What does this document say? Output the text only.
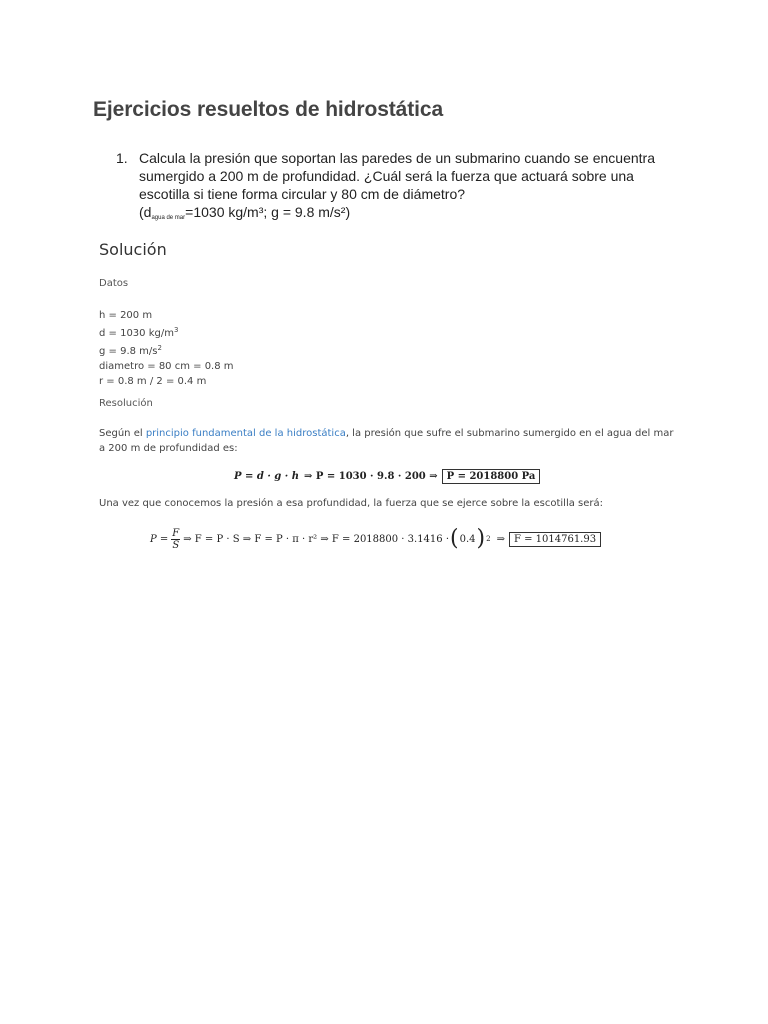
Ejercicios resueltos de hidrostática
1. Calcula la presión que soportan las paredes de un submarino cuando se encuentra
sumergido a 200 m de profundidad. ¿Cuál será la fuerza que actuará sobre una
escotilla si tiene forma circular y 80 cm de diámetro?
(dagua de mar=1030 kg/m³; g = 9.8 m/s²)
Solución
Datos
h = 200 m
d = 1030 $kg/m^3$
g = 9.8 $m/s^2$
diametro = 80 cm = 0.8 m
r = 0.8 m / 2 = 0.4 m
Resolución
Según el principio fundamental de la hidrostática, la presión que sufre el submarino sumergido en el agua del mar a 200 m de profundidad es:
P = d · g · h ⇒ P = 1030 · 9.8 · 200 ⇒ P = 2018800 Pa
Una vez que conocemos la presión a esa profundidad, la fuerza que se ejerce sobre la escotilla será:
$P = \frac{F}{S}$ ⇒ F = P · S ⇒ F = P · π · r² ⇒ F = 2018800 · 3.1416 · ( 0.4 ) 2 ⇒ F = 1014761.93
